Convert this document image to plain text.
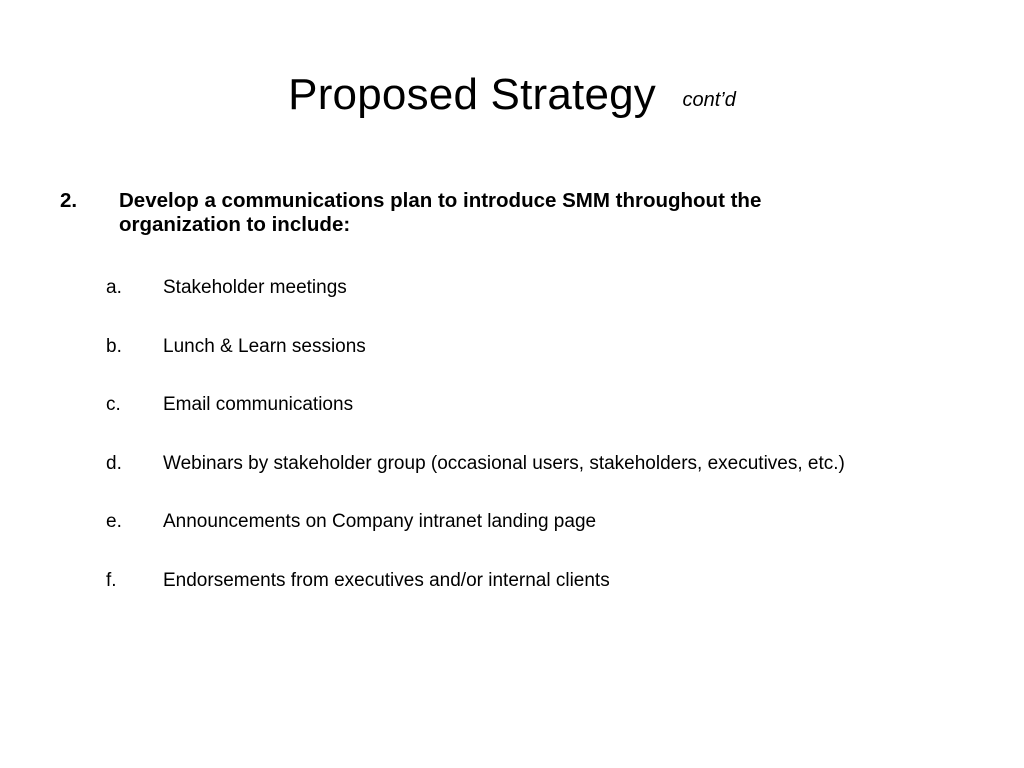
Proposed Strategy cont’d
2. Develop a communications plan to introduce SMM throughout the organization to include:
a. Stakeholder meetings
b. Lunch & Learn sessions
c. Email communications
d. Webinars by stakeholder group (occasional users, stakeholders, executives, etc.)
e. Announcements on Company intranet landing page
f. Endorsements from executives and/or internal clients
